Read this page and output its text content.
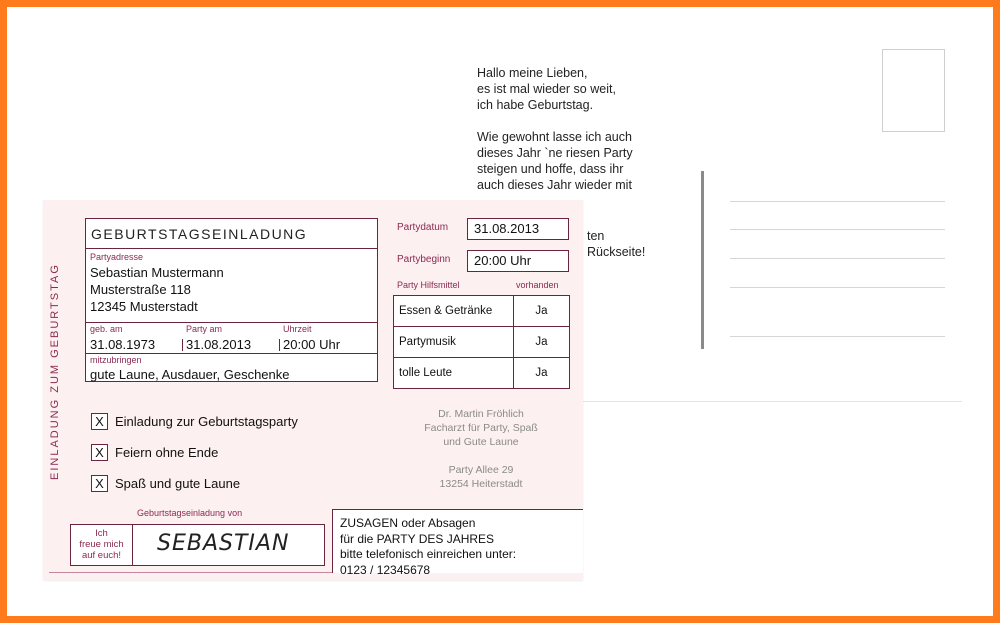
Hallo meine Lieben,
es ist mal wieder so weit,
ich habe Geburtstag.

Wie gewohnt lasse ich auch
dieses Jahr `ne riesen Party
steigen und hoffe, dass ihr
auch dieses Jahr wieder mit

ten
Rückseite!
EINLADUNG ZUM GEBURTSTAG
GEBURTSTAGSEINLADUNG
Partyadresse
Sebastian Mustermann
Musterstraße 118
12345 Musterstadt
geb. am	Party am	Uhrzeit
31.08.1973	31.08.2013	20:00 Uhr
mitzubringen
gute Laune, Ausdauer, Geschenke
Partydatum	31.08.2013
Partybeginn	20:00 Uhr
Party Hilfsmittel	vorhanden
Essen & Getränke	Ja
Partymusik	Ja
tolle Leute	Ja
X Einladung zur Geburtstagsparty
X Feiern ohne Ende
X Spaß und gute Laune
Dr. Martin Fröhlich
Facharzt für Party, Spaß
und Gute Laune
Party Allee 29
13254 Heiterstadt
Geburtstagseinladung von
Ich
freue mich
auf euch!	SEBASTIAN
ZUSAGEN oder Absagen
für die PARTY DES JAHRES
bitte telefonisch einreichen unter:
0123 / 12345678
